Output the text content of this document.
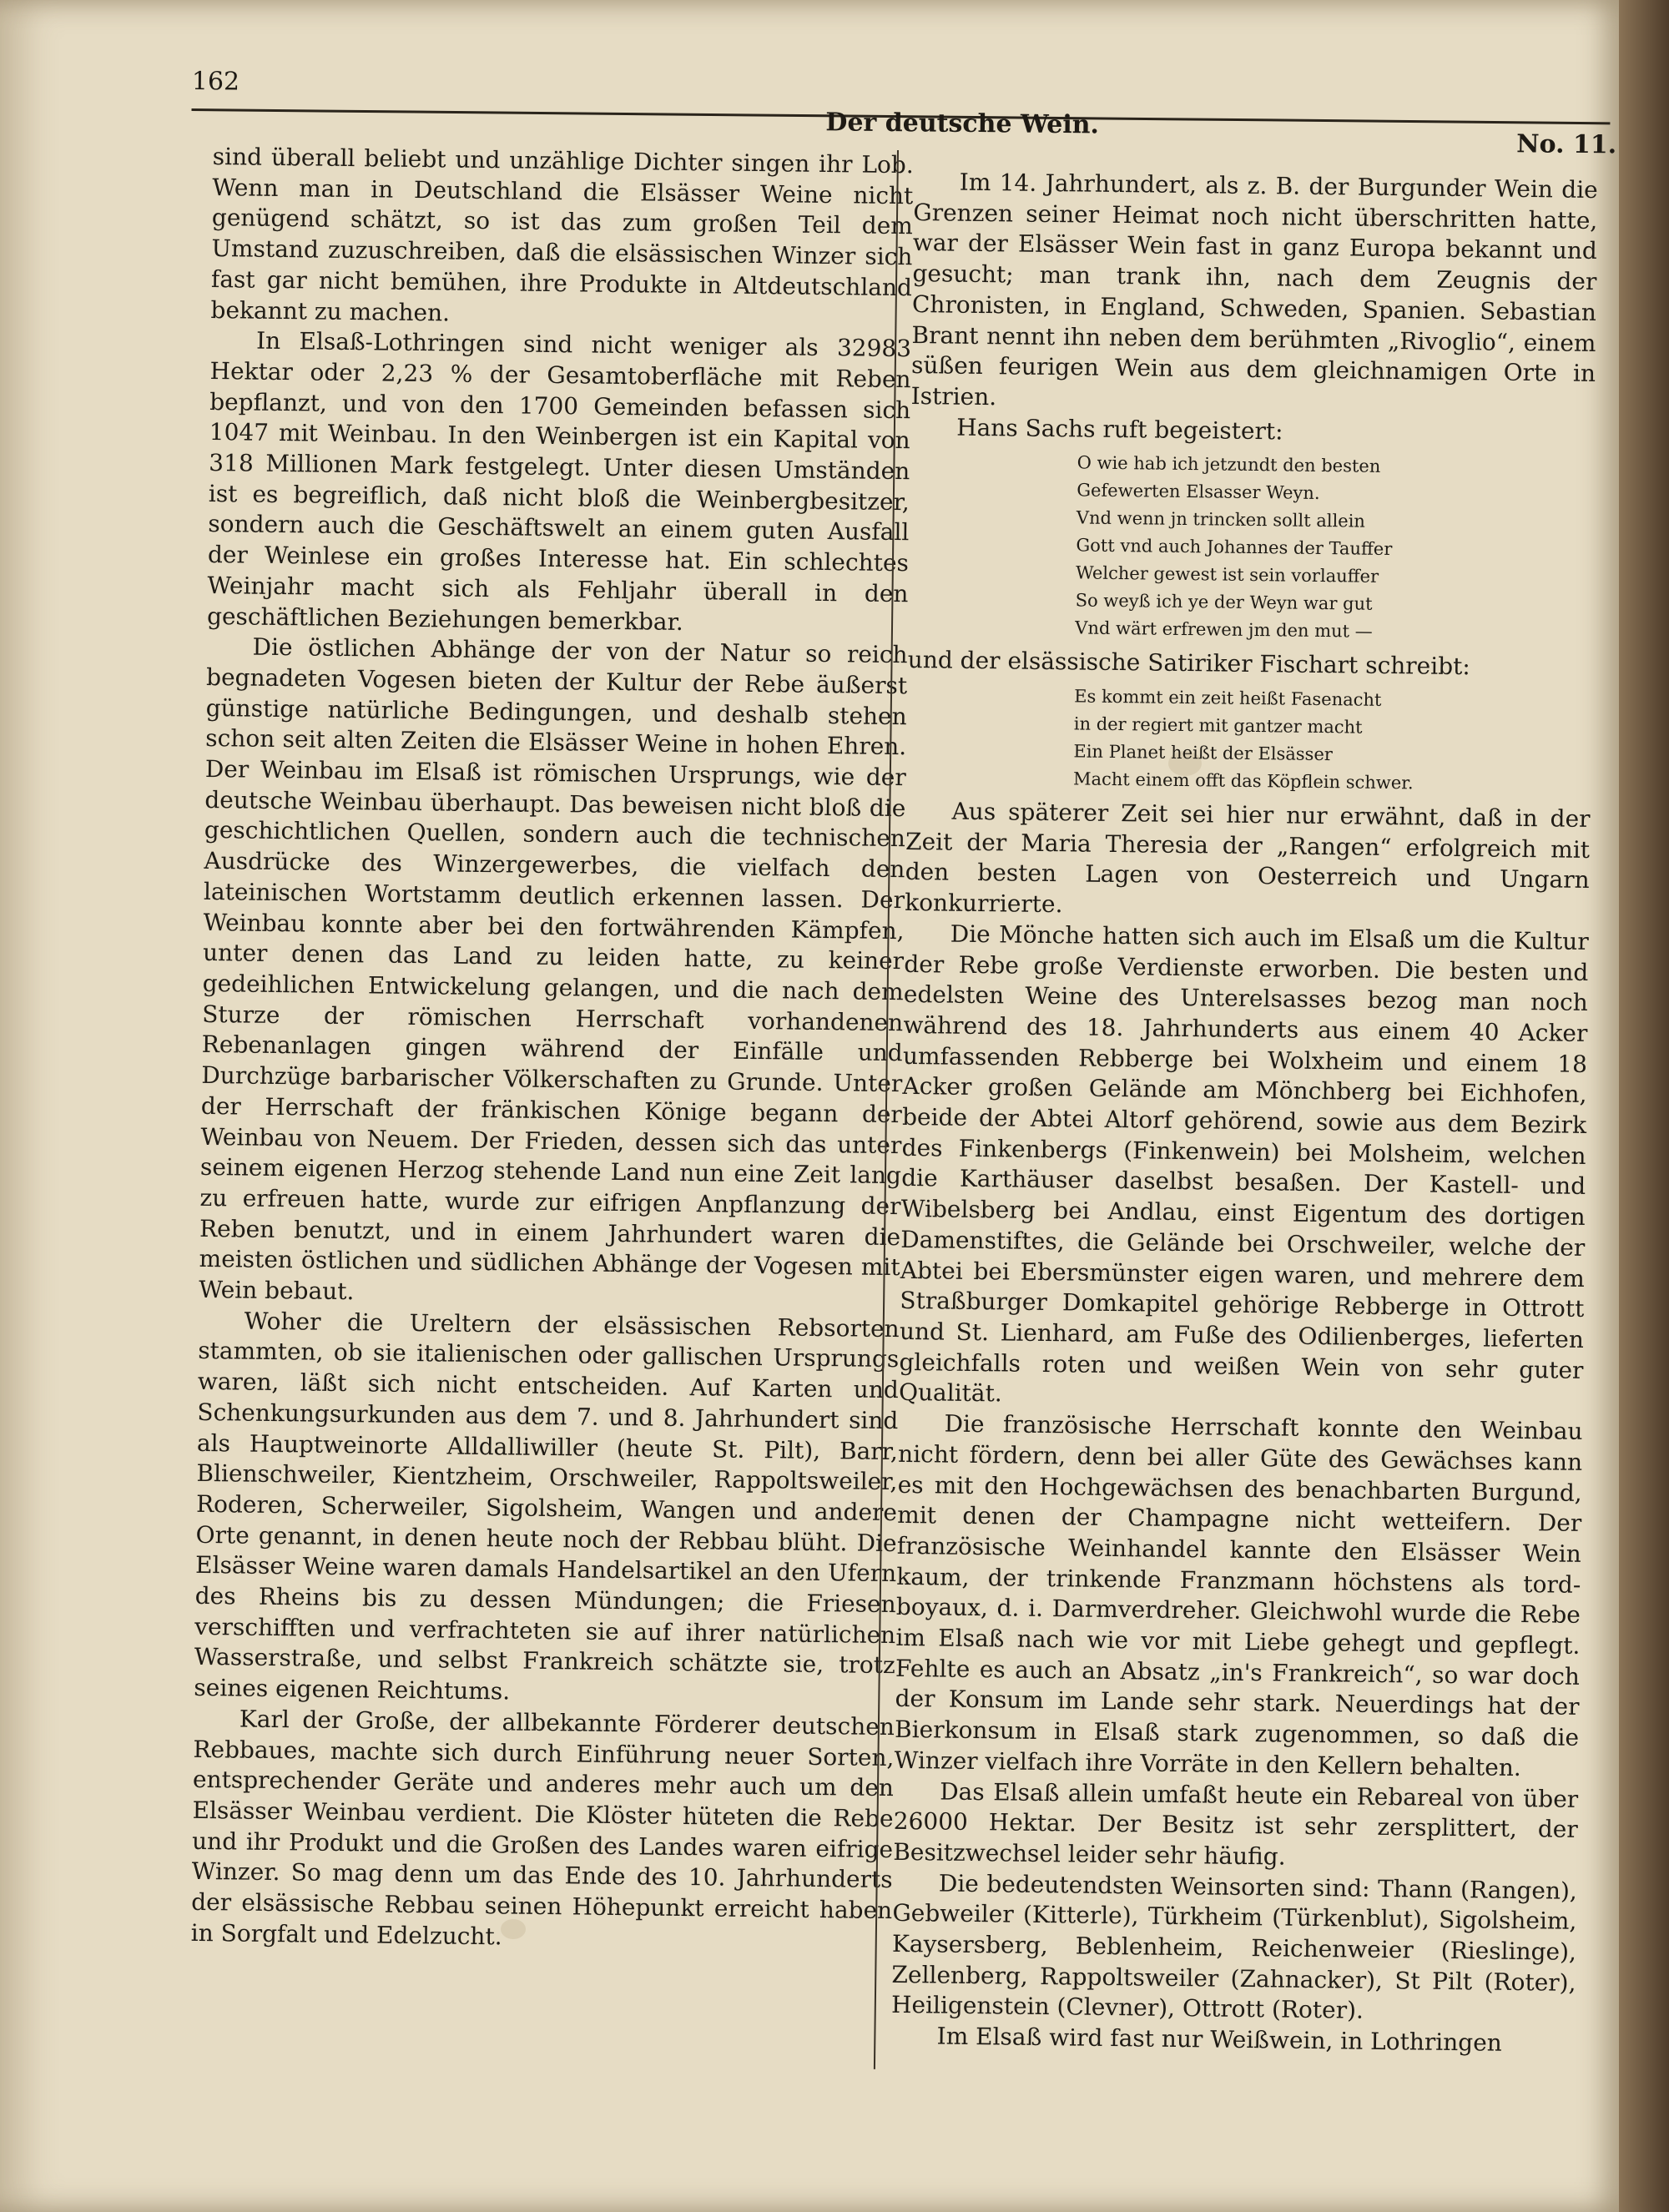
162
Der deutsche Wein.
No. 11.

sind überall beliebt und unzählige Dichter singen ihr Lob. Wenn man in Deutschland die Elsässer Weine nicht genügend schätzt, so ist das zum großen Teil dem Umstand zuzuschreiben, daß die elsässischen Winzer sich fast gar nicht bemühen, ihre Produkte in Altdeutschland bekannt zu machen.

In Elsaß-Lothringen sind nicht weniger als 32983 Hektar oder 2,23 % der Gesamtoberfläche mit Reben bepflanzt, und von den 1700 Gemeinden befassen sich 1047 mit Weinbau. In den Weinbergen ist ein Kapital von 318 Millionen Mark festgelegt. Unter diesen Umständen ist es begreiflich, daß nicht bloß die Weinbergbesitzer, sondern auch die Geschäftswelt an einem guten Ausfall der Weinlese ein großes Interesse hat. Ein schlechtes Weinjahr macht sich als Fehljahr überall in den geschäftlichen Beziehungen bemerkbar.

Die östlichen Abhänge der von der Natur so reich begnadeten Vogesen bieten der Kultur der Rebe äußerst günstige natürliche Bedingungen, und deshalb stehen schon seit alten Zeiten die Elsässer Weine in hohen Ehren. Der Weinbau im Elsaß ist römischen Ursprungs, wie der deutsche Weinbau überhaupt. Das beweisen nicht bloß die geschichtlichen Quellen, sondern auch die technischen Ausdrücke des Winzergewerbes, die vielfach den lateinischen Wortstamm deutlich erkennen lassen. Der Weinbau konnte aber bei den fortwährenden Kämpfen, unter denen das Land zu leiden hatte, zu keiner gedeihlichen Entwickelung gelangen, und die nach dem Sturze der römischen Herrschaft vorhandenen Rebenanlagen gingen während der Einfälle und Durchzüge barbarischer Völkerschaften zu Grunde. Unter der Herrschaft der fränkischen Könige begann der Weinbau von Neuem. Der Frieden, dessen sich das unter seinem eigenen Herzog stehende Land nun eine Zeit lang zu erfreuen hatte, wurde zur eifrigen Anpflanzung der Reben benutzt, und in einem Jahrhundert waren die meisten östlichen und südlichen Abhänge der Vogesen mit Wein bebaut.

Woher die Ureltern der elsässischen Rebsorten stammten, ob sie italienischen oder gallischen Ursprungs waren, läßt sich nicht entscheiden. Auf Karten und Schenkungsurkunden aus dem 7. und 8. Jahrhundert sind als Hauptweinorte Alldalliwiller (heute St. Pilt), Barr, Blienschweiler, Kientzheim, Orschweiler, Rappoltsweiler, Roderen, Scherweiler, Sigolsheim, Wangen und andere Orte genannt, in denen heute noch der Rebbau blüht. Die Elsässer Weine waren damals Handelsartikel an den Ufern des Rheins bis zu dessen Mündungen; die Friesen verschifften und verfrachteten sie auf ihrer natürlichen Wasserstraße, und selbst Frankreich schätzte sie, trotz seines eigenen Reichtums.

Karl der Große, der allbekannte Förderer deutschen Rebbaues, machte sich durch Einführung neuer Sorten, entsprechender Geräte und anderes mehr auch um den Elsässer Weinbau verdient. Die Klöster hüteten die Rebe und ihr Produkt und die Großen des Landes waren eifrige Winzer. So mag denn um das Ende des 10. Jahrhunderts der elsässische Rebbau seinen Höhepunkt erreicht haben in Sorgfalt und Edelzucht.

Im 14. Jahrhundert, als z. B. der Burgunder Wein die Grenzen seiner Heimat noch nicht überschritten hatte, war der Elsässer Wein fast in ganz Europa bekannt und gesucht; man trank ihn, nach dem Zeugnis der Chronisten, in England, Schweden, Spanien. Sebastian Brant nennt ihn neben dem berühmten „Rivoglio“, einem süßen feurigen Wein aus dem gleichnamigen Orte in Istrien.

Hans Sachs ruft begeistert:

O wie hab ich jetzundt den besten
Gefewerten Elsasser Weyn.
Vnd wenn jn trincken sollt allein
Gott vnd auch Johannes der Tauffer
Welcher gewest ist sein vorlauffer
So weyß ich ye der Weyn war gut
Vnd wärt erfrewen jm den mut —

und der elsässische Satiriker Fischart schreibt:

Es kommt ein zeit heißt Fasenacht
in der regiert mit gantzer macht
Ein Planet heißt der Elsässer
Macht einem offt das Köpflein schwer.

Aus späterer Zeit sei hier nur erwähnt, daß in der Zeit der Maria Theresia der „Rangen“ erfolgreich mit den besten Lagen von Oesterreich und Ungarn konkurrierte.

Die Mönche hatten sich auch im Elsaß um die Kultur der Rebe große Verdienste erworben. Die besten und edelsten Weine des Unterelsasses bezog man noch während des 18. Jahrhunderts aus einem 40 Acker umfassenden Rebberge bei Wolxheim und einem 18 Acker großen Gelände am Mönchberg bei Eichhofen, beide der Abtei Altorf gehörend, sowie aus dem Bezirk des Finkenbergs (Finkenwein) bei Molsheim, welchen die Karthäuser daselbst besaßen. Der Kastell- und Wibelsberg bei Andlau, einst Eigentum des dortigen Damenstiftes, die Gelände bei Orschweiler, welche der Abtei bei Ebersmünster eigen waren, und mehrere dem Straßburger Domkapitel gehörige Rebberge in Ottrott und St. Lienhard, am Fuße des Odilienberges, lieferten gleichfalls roten und weißen Wein von sehr guter Qualität.

Die französische Herrschaft konnte den Weinbau nicht fördern, denn bei aller Güte des Gewächses kann es mit den Hochgewächsen des benachbarten Burgund, mit denen der Champagne nicht wetteifern. Der französische Weinhandel kannte den Elsässer Wein kaum, der trinkende Franzmann höchstens als tord-boyaux, d. i. Darmverdreher. Gleichwohl wurde die Rebe im Elsaß nach wie vor mit Liebe gehegt und gepflegt. Fehlte es auch an Absatz „in's Frankreich“, so war doch der Konsum im Lande sehr stark. Neuerdings hat der Bierkonsum in Elsaß stark zugenommen, so daß die Winzer vielfach ihre Vorräte in den Kellern behalten.

Das Elsaß allein umfaßt heute ein Rebareal von über 26000 Hektar. Der Besitz ist sehr zersplittert, der Besitzwechsel leider sehr häufig.

Die bedeutendsten Weinsorten sind: Thann (Rangen), Gebweiler (Kitterle), Türkheim (Türkenblut), Sigolsheim, Kaysersberg, Beblenheim, Reichenweier (Rieslinge), Zellenberg, Rappoltsweiler (Zahnacker), St Pilt (Roter), Heiligenstein (Clevner), Ottrott (Roter).

Im Elsaß wird fast nur Weißwein, in Lothringen
